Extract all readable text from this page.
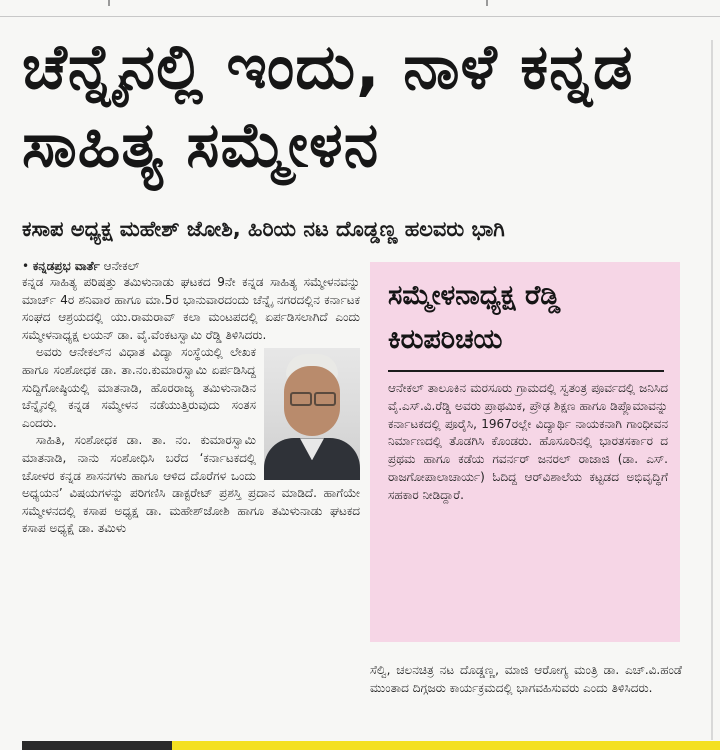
ಚೆನ್ನೈನಲ್ಲಿ ಇಂದು, ನಾಳೆ ಕನ್ನಡ ಸಾಹಿತ್ಯ ಸಮ್ಮೇಳನ
ಕಸಾಪ ಅಧ್ಯಕ್ಷ ಮಹೇಶ್‌ ಜೋಶಿ, ಹಿರಿಯ ನಟ ದೊಡ್ಡಣ್ಣ ಹಲವರು ಭಾಗಿ

• ಕನ್ನಡಪ್ರಭ ವಾರ್ತೆ ಆನೇಕಲ್‌

ಕನ್ನಡ ಸಾಹಿತ್ಯ ಪರಿಷತ್ತು ತಮಿಳುನಾಡು ಘಟಕದ 9ನೇ ಕನ್ನಡ ಸಾಹಿತ್ಯ ಸಮ್ಮೇಳನವನ್ನು ಮಾರ್ಚ್‌ 4ರ ಶನಿವಾರ ಹಾಗೂ ಮಾ.5ರ ಭಾನುವಾರದಂದು ಚೆನ್ನೈ ನಗರದಲ್ಲಿನ ಕರ್ನಾಟಕ ಸಂಘದ ಆಶ್ರಯದಲ್ಲಿ ಯು.ರಾಮರಾವ್‌ ಕಲಾ ಮಂಟಪದಲ್ಲಿ ಏರ್ಪಡಿಸಲಾಗಿದೆ ಎಂದು ಸಮ್ಮೇಳನಾಧ್ಯಕ್ಷ ಲಯನ್‌ ಡಾ. ವೈ.ವೆಂಕಟಸ್ವಾಮಿ ರೆಡ್ಡಿ ತಿಳಿಸಿದರು.

ಅವರು ಆನೇಕಲ್‌ನ ವಿಧಾತ ವಿದ್ಯಾ ಸಂಸ್ಥೆಯಲ್ಲಿ ಲೇಖಕ ಹಾಗೂ ಸಂಶೋಧಕ ಡಾ. ತಾ.ನಂ.ಕುಮಾರಸ್ವಾಮಿ ಏರ್ಪಡಿಸಿದ್ದ ಸುದ್ದಿಗೋಷ್ಠಿಯಲ್ಲಿ ಮಾತನಾಡಿ, ಹೊರರಾಜ್ಯ ತಮಿಳುನಾಡಿನ ಚೆನ್ನೈನಲ್ಲಿ ಕನ್ನಡ ಸಮ್ಮೇಳನ ನಡೆಯುತ್ತಿರುವುದು ಸಂತಸ ಎಂದರು.

ಸಾಹಿತಿ, ಸಂಶೋಧಕ ಡಾ. ತಾ. ನಂ. ಕುಮಾರಸ್ವಾಮಿ ಮಾತನಾಡಿ, ನಾನು ಸಂಶೋಧಿಸಿ ಬರೆದ ‘ಕರ್ನಾಟಕದಲ್ಲಿ ಚೋಳರ ಕನ್ನಡ ಶಾಸನಗಳು ಹಾಗೂ ಆಳಿದ ದೊರೆಗಳ ಒಂದು ಅಧ್ಯಯನ’ ವಿಷಯಗಳನ್ನು ಪರಿಗಣಿಸಿ ಡಾಕ್ಟರೇಟ್‌ ಪ್ರಶಸ್ತಿ ಪ್ರದಾನ ಮಾಡಿದೆ. ಹಾಗೆಯೇ ಸಮ್ಮೇಳನದಲ್ಲಿ ಕಸಾಪ ಅಧ್ಯಕ್ಷ ಡಾ. ಮಹೇಶ್‌ಜೋಶಿ ಹಾಗೂ ತಮಿಳುನಾಡು ಘಟಕದ ಕಸಾಪ ಅಧ್ಯಕ್ಷೆ ಡಾ. ತಮಿಳು

ಸಮ್ಮೇಳನಾಧ್ಯಕ್ಷ ರೆಡ್ಡಿ ಕಿರುಪರಿಚಯ

ಆನೇಕಲ್‌ ತಾಲೂಕಿನ ಮರಸೂರು ಗ್ರಾಮದಲ್ಲಿ ಸ್ವತಂತ್ರ ಪೂರ್ವದಲ್ಲಿ ಜನಿಸಿದ ವೈ.ಎಸ್‌.ವಿ.ರೆಡ್ಡಿ ಅವರು ಪ್ರಾಥಮಿಕ, ಪ್ರೌಢ ಶಿಕ್ಷಣ ಹಾಗೂ ಡಿಪ್ಲೊಮಾವನ್ನು ಕರ್ನಾಟಕದಲ್ಲಿ ಪೂರೈಸಿ, 1967ರಲ್ಲೇ ವಿದ್ಯಾರ್ಥಿ ನಾಯಕನಾಗಿ ಗಾಂಧೀವನ ನಿರ್ಮಾಣದಲ್ಲಿ ತೊಡಗಿಸಿ ಕೊಂಡರು. ಹೊಸೂರಿನಲ್ಲಿ ಭಾರತಸರ್ಕಾರ ದ ಪ್ರಥಮ ಹಾಗೂ ಕಡೆಯ ಗವರ್ನರ್‌ ಜನರಲ್‌ ರಾಜಾಜಿ (ಡಾ. ಎಸ್‌. ರಾಜಗೋಪಾಲಾಚಾರ್ಯ) ಓದಿದ್ದ ಆರ್‌ವಿಶಾಲೆಯ ಕಟ್ಟಡದ ಅಭಿವೃದ್ಧಿಗೆ ಸಹಕಾರ ನೀಡಿದ್ದಾರೆ.

ಸೆಲ್ವಿ, ಚಲನಚಿತ್ರ ನಟ ದೊಡ್ಡಣ್ಣ, ಮಾಜಿ ಆರೋಗ್ಯ ಮಂತ್ರಿ ಡಾ. ಎಚ್‌.ವಿ.ಹಂಡೆ ಮುಂತಾದ ದಿಗ್ಗಜರು ಕಾರ್ಯಕ್ರಮದಲ್ಲಿ ಭಾಗವಹಿಸುವರು ಎಂದು ತಿಳಿಸಿದರು.
